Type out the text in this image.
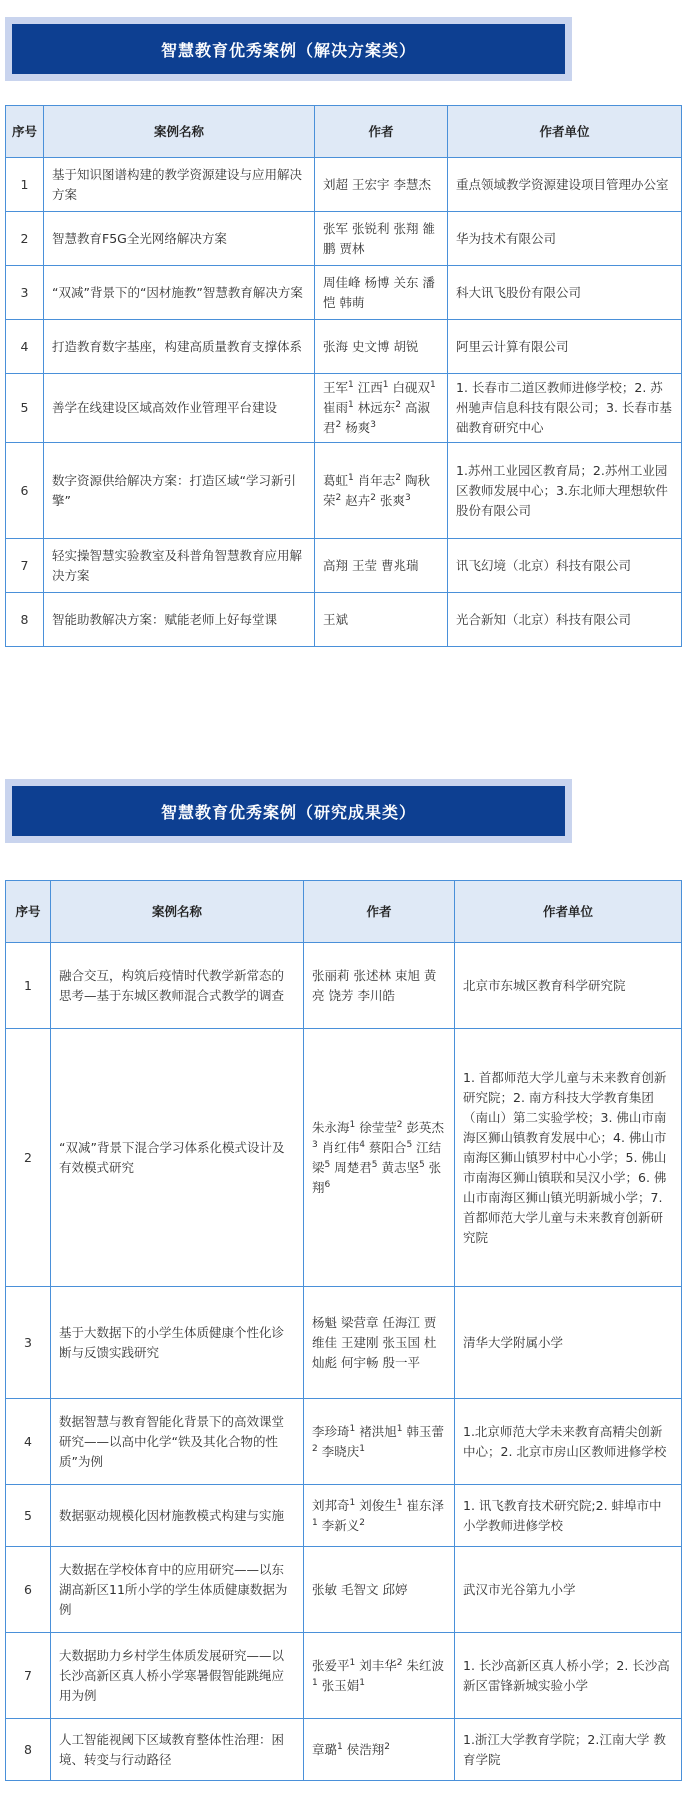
智慧教育优秀案例（解决方案类）
序号	案例名称	作者	作者单位
1	基于知识图谱构建的教学资源建设与应用解决方案	刘超 王宏宇 李慧杰	重点领域教学资源建设项目管理办公室
2	智慧教育F5G全光网络解决方案	张军 张锐利 张翔 雒鹏 贾林	华为技术有限公司
3	“双减”背景下的“因材施教”智慧教育解决方案	周佳峰 杨博 关东 潘恺 韩萌	科大讯飞股份有限公司
4	打造教育数字基座，构建高质量教育支撑体系	张海 史文博 胡锐	阿里云计算有限公司
5	善学在线建设区域高效作业管理平台建设	王军$^1$ 江西$^1$ 白砚双$^1$ 崔雨$^1$ 林远东$^2$ 高淑君$^2$ 杨爽$^3$	1. 长春市二道区教师进修学校；2. 苏州驰声信息科技有限公司；3. 长春市基础教育研究中心
6	数字资源供给解决方案：打造区域“学习新引擎”	葛虹$^1$ 肖年志$^2$ 陶秋荣$^2$ 赵卉$^2$ 张爽$^3$	1.苏州工业园区教育局；2.苏州工业园区教师发展中心；3.东北师大理想软件股份有限公司
7	轻实操智慧实验教室及科普角智慧教育应用解决方案	高翔 王莹 曹兆瑞	讯飞幻境（北京）科技有限公司
8	智能助教解决方案：赋能老师上好每堂课	王斌	光合新知（北京）科技有限公司
智慧教育优秀案例（研究成果类）
序号	案例名称	作者	作者单位
1	融合交互，构筑后疫情时代教学新常态的思考—基于东城区教师混合式教学的调查	张丽莉 张述林 束旭 黄亮 饶芳 李川皓	北京市东城区教育科学研究院
2	“双减”背景下混合学习体系化模式设计及有效模式研究	朱永海$^1$ 徐莹莹$^2$ 彭英杰$^3$ 肖红伟$^4$ 蔡阳合$^5$ 江结梁$^5$ 周楚君$^5$ 黄志坚$^5$ 张翔$^6$	1. 首都师范大学儿童与未来教育创新研究院；2. 南方科技大学教育集团（南山）第二实验学校；3. 佛山市南海区狮山镇教育发展中心；4. 佛山市南海区狮山镇罗村中心小学；5. 佛山市南海区狮山镇联和吴汉小学；6. 佛山市南海区狮山镇光明新城小学；7. 首都师范大学儿童与未来教育创新研究院
3	基于大数据下的小学生体质健康个性化诊断与反馈实践研究	杨魁 梁营章 任海江 贾维佳 王建刚 张玉国 杜灿彪 何宇畅 殷一平	清华大学附属小学
4	数据智慧与教育智能化背景下的高效课堂研究——以高中化学“铁及其化合物的性质”为例	李珍琦$^1$ 褚洪旭$^1$ 韩玉蕾$^2$ 李晓庆$^1$	1.北京师范大学未来教育高精尖创新中心；2. 北京市房山区教师进修学校
5	数据驱动规模化因材施教模式构建与实施	刘邦奇$^1$ 刘俊生$^1$ 崔东泽$^1$ 李新义$^2$	1. 讯飞教育技术研究院;2. 蚌埠市中小学教师进修学校
6	大数据在学校体育中的应用研究——以东湖高新区11所小学的学生体质健康数据为例	张敏 毛智文 邱婷	武汉市光谷第九小学
7	大数据助力乡村学生体质发展研究——以长沙高新区真人桥小学寒暑假智能跳绳应用为例	张爱平$^1$ 刘丰华$^2$ 朱红波$^1$ 张玉娟$^1$	1. 长沙高新区真人桥小学；2. 长沙高新区雷锋新城实验小学
8	人工智能视阈下区域教育整体性治理：困境、转变与行动路径	章璐$^1$ 侯浩翔$^2$	1.浙江大学教育学院；2.江南大学 教育学院
